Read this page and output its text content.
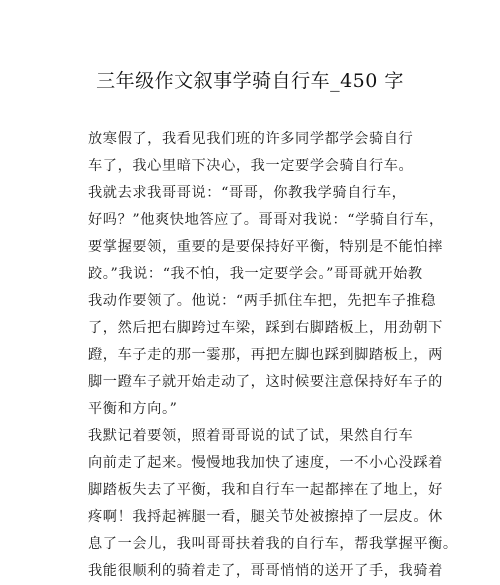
三年级作文叙事学骑自行车_450 字
放寒假了，我看见我们班的许多同学都学会骑自行
车了，我心里暗下决心，我一定要学会骑自行车。
我就去求我哥哥说：“哥哥，你教我学骑自行车，
好吗？”他爽快地答应了。哥哥对我说：“学骑自行车，
要掌握要领，重要的是要保持好平衡，特别是不能怕摔
跤。”我说：“我不怕，我一定要学会。”哥哥就开始教
我动作要领了。他说：“两手抓住车把，先把车子推稳
了，然后把右脚跨过车梁，踩到右脚踏板上，用劲朝下
蹬，车子走的那一霎那，再把左脚也踩到脚踏板上，两
脚一蹬车子就开始走动了，这时候要注意保持好车子的
平衡和方向。”
我默记着要领，照着哥哥说的试了试，果然自行车
向前走了起来。慢慢地我加快了速度，一不小心没踩着
脚踏板失去了平衡，我和自行车一起都摔在了地上，好
疼啊！我捋起裤腿一看，腿关节处被擦掉了一层皮。休
息了一会儿，我叫哥哥扶着我的自行车，帮我掌握平衡。
我能很顺利的骑着走了，哥哥悄悄的送开了手，我骑着
